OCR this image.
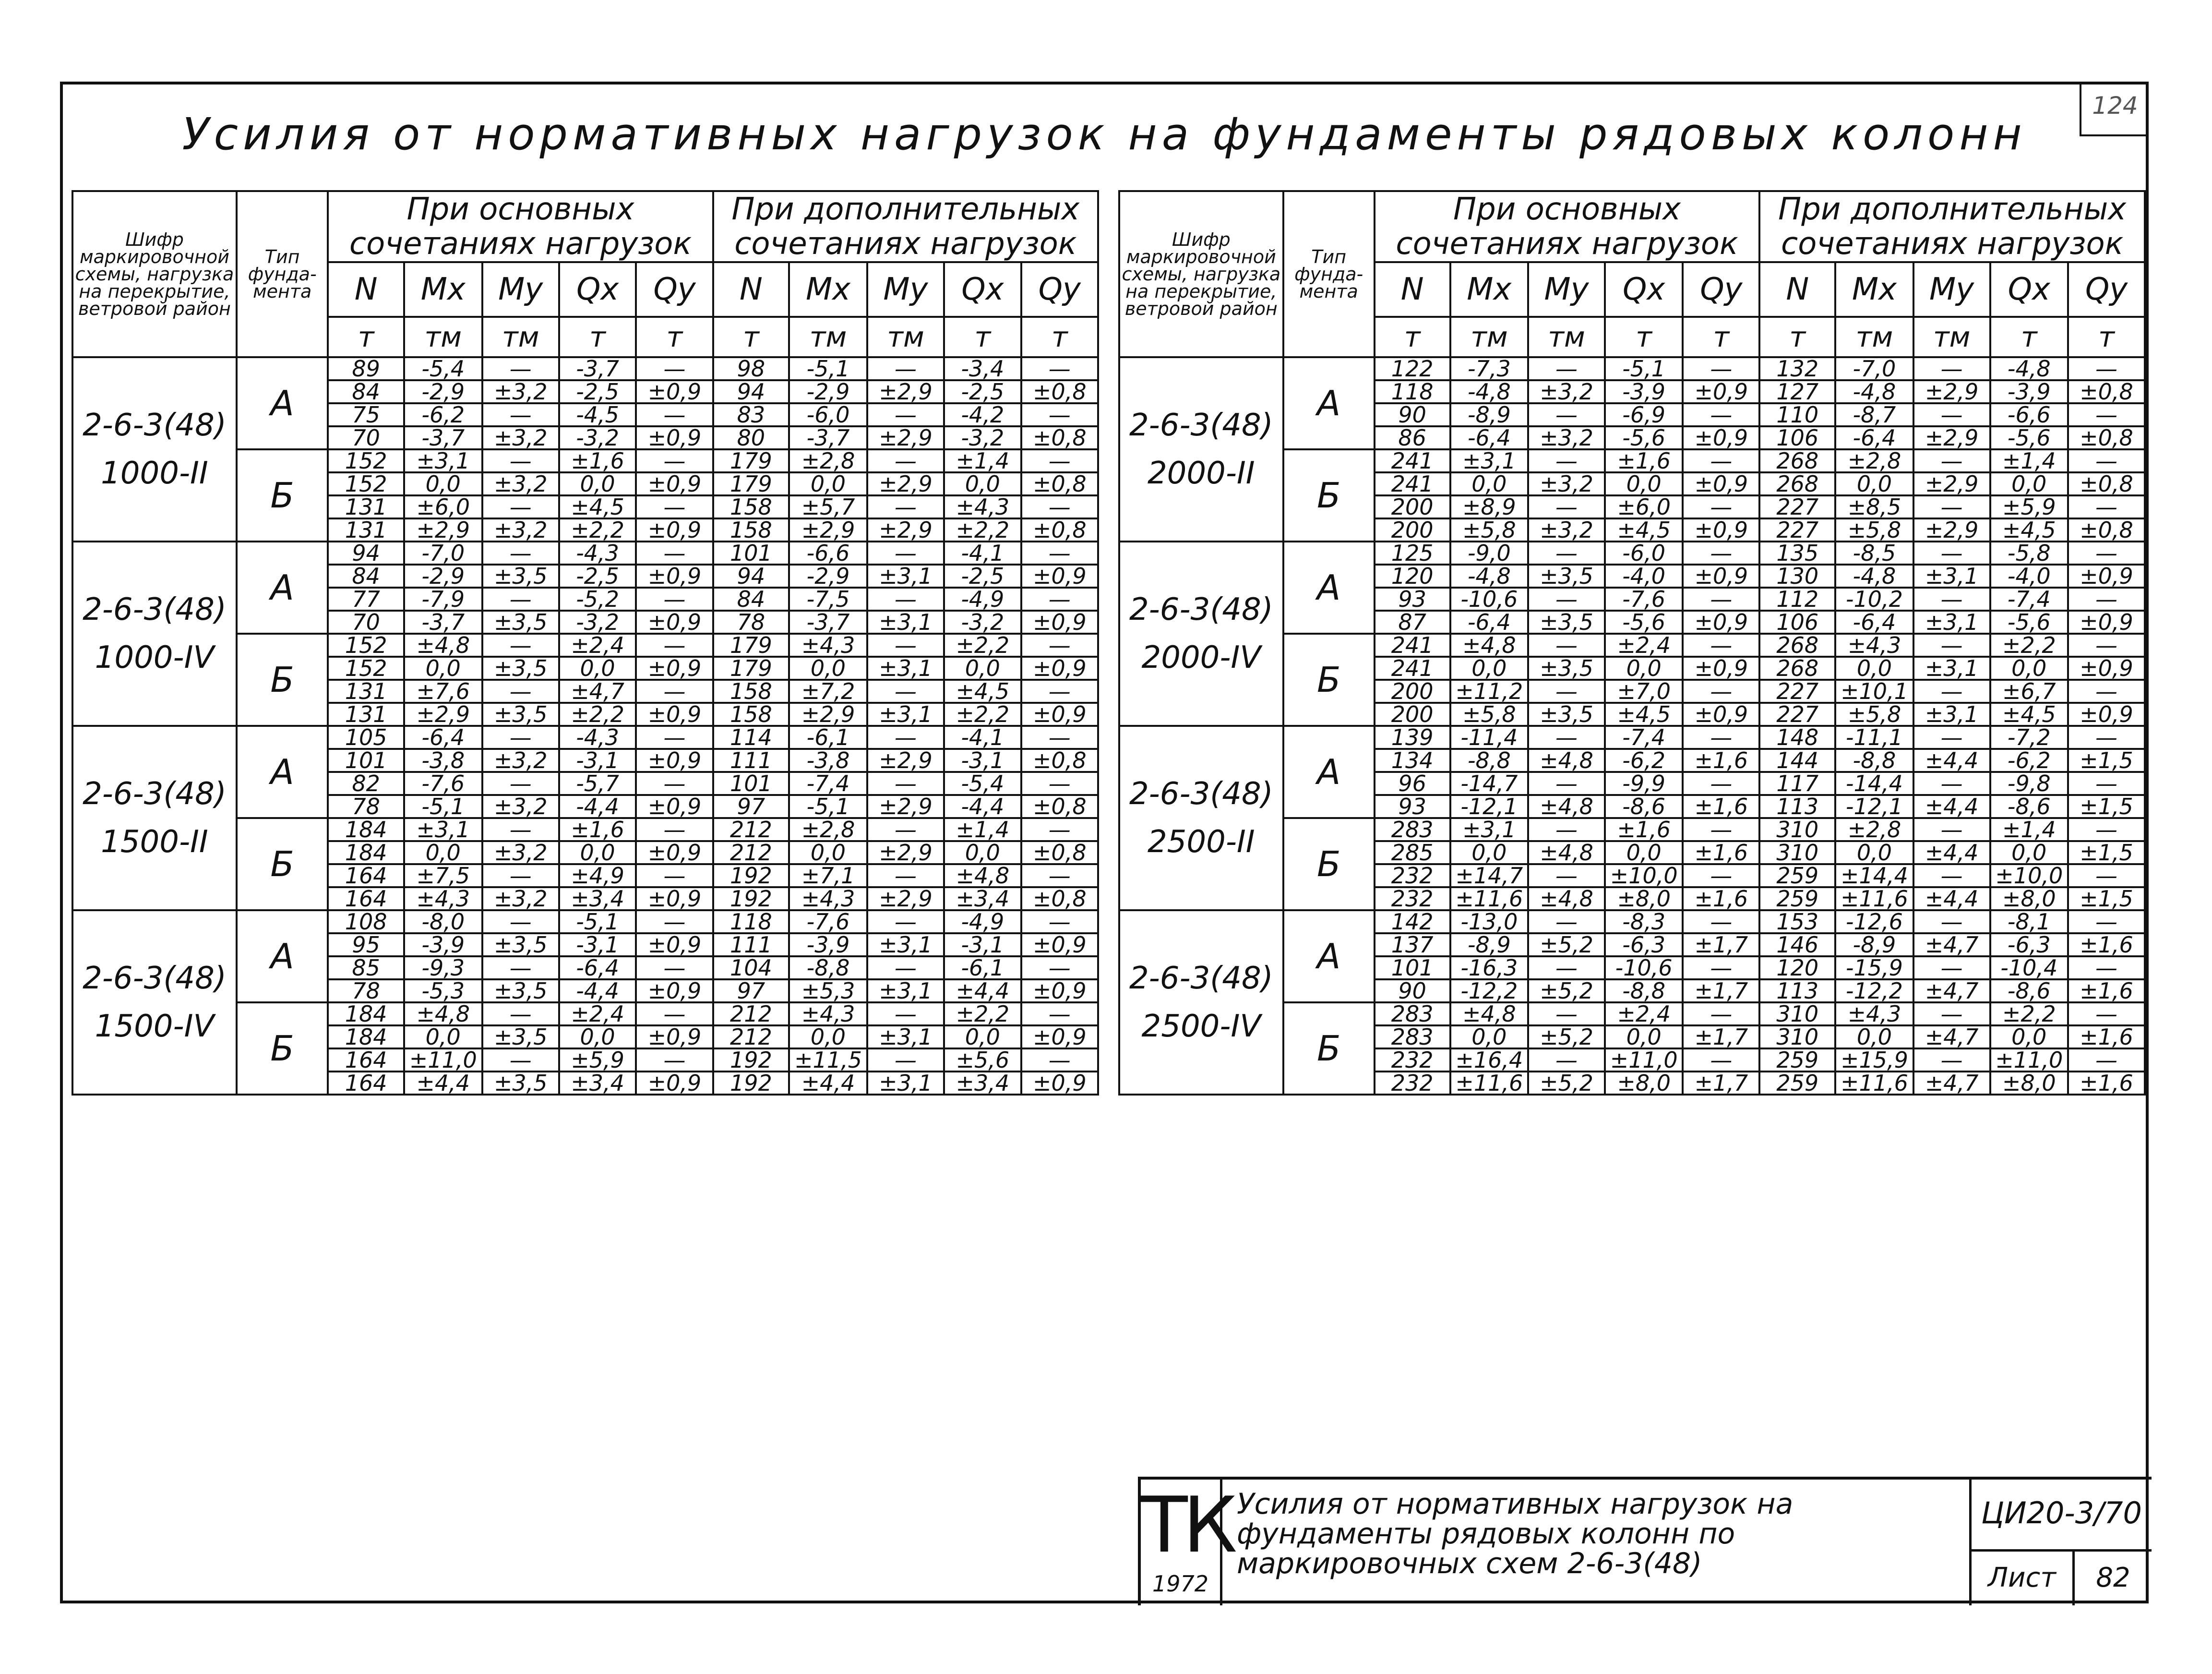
124
Усилия от нормативных нагрузок на фундаменты рядовых колонн
Шифр маркировочной схемы, нагрузка на перекрытие, ветровой район	Тип фунда-мента	При основных сочетаниях нагрузок					При дополнительных сочетаниях нагрузок				
		N	Mx	My	Qx	Qy	N	Mx	My	Qx	Qy
		т	тм	тм	т	т	т	тм	тм	т	т

2-6-3(48)
1000-II	А	89	-5,4	—	-3,7	—	98	-5,1	—	-3,4	—
		84	-2,9	±3,2	-2,5	±0,9	94	-2,9	±2,9	-2,5	±0,8
		75	-6,2	—	-4,5	—	83	-6,0	—	-4,2	—
		70	-3,7	±3,2	-3,2	±0,9	80	-3,7	±2,9	-3,2	±0,8
	Б	152	±3,1	—	±1,6	—	179	±2,8	—	±1,4	—
		152	0,0	±3,2	0,0	±0,9	179	0,0	±2,9	0,0	±0,8
		131	±6,0	—	±4,5	—	158	±5,7	—	±4,3	—
		131	±2,9	±3,2	±2,2	±0,9	158	±2,9	±2,9	±2,2	±0,8

2-6-3(48)
1000-IV	А	94	-7,0	—	-4,3	—	101	-6,6	—	-4,1	—
		84	-2,9	±3,5	-2,5	±0,9	94	-2,9	±3,1	-2,5	±0,9
		77	-7,9	—	-5,2	—	84	-7,5	—	-4,9	—
		70	-3,7	±3,5	-3,2	±0,9	78	-3,7	±3,1	-3,2	±0,9
	Б	152	±4,8	—	±2,4	—	179	±4,3	—	±2,2	—
		152	0,0	±3,5	0,0	±0,9	179	0,0	±3,1	0,0	±0,9
		131	±7,6	—	±4,7	—	158	±7,2	—	±4,5	—
		131	±2,9	±3,5	±2,2	±0,9	158	±2,9	±3,1	±2,2	±0,9

2-6-3(48)
1500-II	А	105	-6,4	—	-4,3	—	114	-6,1	—	-4,1	—
		101	-3,8	±3,2	-3,1	±0,9	111	-3,8	±2,9	-3,1	±0,8
		82	-7,6	—	-5,7	—	101	-7,4	—	-5,4	—
		78	-5,1	±3,2	-4,4	±0,9	97	-5,1	±2,9	-4,4	±0,8
	Б	184	±3,1	—	±1,6	—	212	±2,8	—	±1,4	—
		184	0,0	±3,2	0,0	±0,9	212	0,0	±2,9	0,0	±0,8
		164	±7,5	—	±4,9	—	192	±7,1	—	±4,8	—
		164	±4,3	±3,2	±3,4	±0,9	192	±4,3	±2,9	±3,4	±0,8

2-6-3(48)
1500-IV	А	108	-8,0	—	-5,1	—	118	-7,6	—	-4,9	—
		95	-3,9	±3,5	-3,1	±0,9	111	-3,9	±3,1	-3,1	±0,9
		85	-9,3	—	-6,4	—	104	-8,8	—	-6,1	—
		78	-5,3	±3,5	-4,4	±0,9	97	±5,3	±3,1	±4,4	±0,9
	Б	184	±4,8	—	±2,4	—	212	±4,3	—	±2,2	—
		184	0,0	±3,5	0,0	±0,9	212	0,0	±3,1	0,0	±0,9
		164	±11,0	—	±5,9	—	192	±11,5	—	±5,6	—
		164	±4,4	±3,5	±3,4	±0,9	192	±4,4	±3,1	±3,4	±0,9
Шифр маркировочной схемы, нагрузка на перекрытие, ветровой район	Тип фунда-мента	При основных сочетаниях нагрузок					При дополнительных сочетаниях нагрузок				
		N	Mx	My	Qx	Qy	N	Mx	My	Qx	Qy
		т	тм	тм	т	т	т	тм	тм	т	т

2-6-3(48)
2000-II	А	122	-7,3	—	-5,1	—	132	-7,0	—	-4,8	—
		118	-4,8	±3,2	-3,9	±0,9	127	-4,8	±2,9	-3,9	±0,8
		90	-8,9	—	-6,9	—	110	-8,7	—	-6,6	—
		86	-6,4	±3,2	-5,6	±0,9	106	-6,4	±2,9	-5,6	±0,8
	Б	241	±3,1	—	±1,6	—	268	±2,8	—	±1,4	—
		241	0,0	±3,2	0,0	±0,9	268	0,0	±2,9	0,0	±0,8
		200	±8,9	—	±6,0	—	227	±8,5	—	±5,9	—
		200	±5,8	±3,2	±4,5	±0,9	227	±5,8	±2,9	±4,5	±0,8

2-6-3(48)
2000-IV	А	125	-9,0	—	-6,0	—	135	-8,5	—	-5,8	—
		120	-4,8	±3,5	-4,0	±0,9	130	-4,8	±3,1	-4,0	±0,9
		93	-10,6	—	-7,6	—	112	-10,2	—	-7,4	—
		87	-6,4	±3,5	-5,6	±0,9	106	-6,4	±3,1	-5,6	±0,9
	Б	241	±4,8	—	±2,4	—	268	±4,3	—	±2,2	—
		241	0,0	±3,5	0,0	±0,9	268	0,0	±3,1	0,0	±0,9
		200	±11,2	—	±7,0	—	227	±10,1	—	±6,7	—
		200	±5,8	±3,5	±4,5	±0,9	227	±5,8	±3,1	±4,5	±0,9

2-6-3(48)
2500-II	А	139	-11,4	—	-7,4	—	148	-11,1	—	-7,2	—
		134	-8,8	±4,8	-6,2	±1,6	144	-8,8	±4,4	-6,2	±1,5
		96	-14,7	—	-9,9	—	117	-14,4	—	-9,8	—
		93	-12,1	±4,8	-8,6	±1,6	113	-12,1	±4,4	-8,6	±1,5
	Б	283	±3,1	—	±1,6	—	310	±2,8	—	±1,4	—
		285	0,0	±4,8	0,0	±1,6	310	0,0	±4,4	0,0	±1,5
		232	±14,7	—	±10,0	—	259	±14,4	—	±10,0	—
		232	±11,6	±4,8	±8,0	±1,6	259	±11,6	±4,4	±8,0	±1,5

2-6-3(48)
2500-IV	А	142	-13,0	—	-8,3	—	153	-12,6	—	-8,1	—
		137	-8,9	±5,2	-6,3	±1,7	146	-8,9	±4,7	-6,3	±1,6
		101	-16,3	—	-10,6	—	120	-15,9	—	-10,4	—
		90	-12,2	±5,2	-8,8	±1,7	113	-12,2	±4,7	-8,6	±1,6
	Б	283	±4,8	—	±2,4	—	310	±4,3	—	±2,2	—
		283	0,0	±5,2	0,0	±1,7	310	0,0	±4,7	0,0	±1,6
		232	±16,4	—	±11,0	—	259	±15,9	—	±11,0	—
		232	±11,6	±5,2	±8,0	±1,7	259	±11,6	±4,7	±8,0	±1,6
ТК
1972
Усилия от нормативных нагрузок на фундаменты рядовых колонн по маркировочных схем 2-6-3(48)
ЦИ20-3/70
Лист	82
